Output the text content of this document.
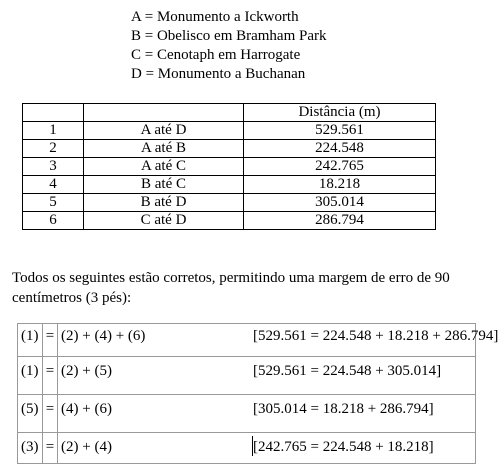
A = Monumento a Ickworth
B = Obelisco em Bramham Park
C = Cenotaph em Harrogate
D = Monumento a Buchanan
		Distância (m)
1	A até D	529.561
2	A até B	224.548
3	A até C	242.765
4	B até C	18.218
5	B até D	305.014
6	C até D	286.794
Todos os seguintes estão corretos, permitindo uma margem de erro de 90 centímetros (3 pés):
(1)	=	(2) + (4) + (6) [529.561 = 224.548 + 18.218 + 286.794]

(1)	=	(2) + (5) [529.561 = 224.548 + 305.014]

(5)	=	(4) + (6) [305.014 = 18.218 + 286.794]

(3)	=	(2) + (4) [242.765 = 224.548 + 18.218]
